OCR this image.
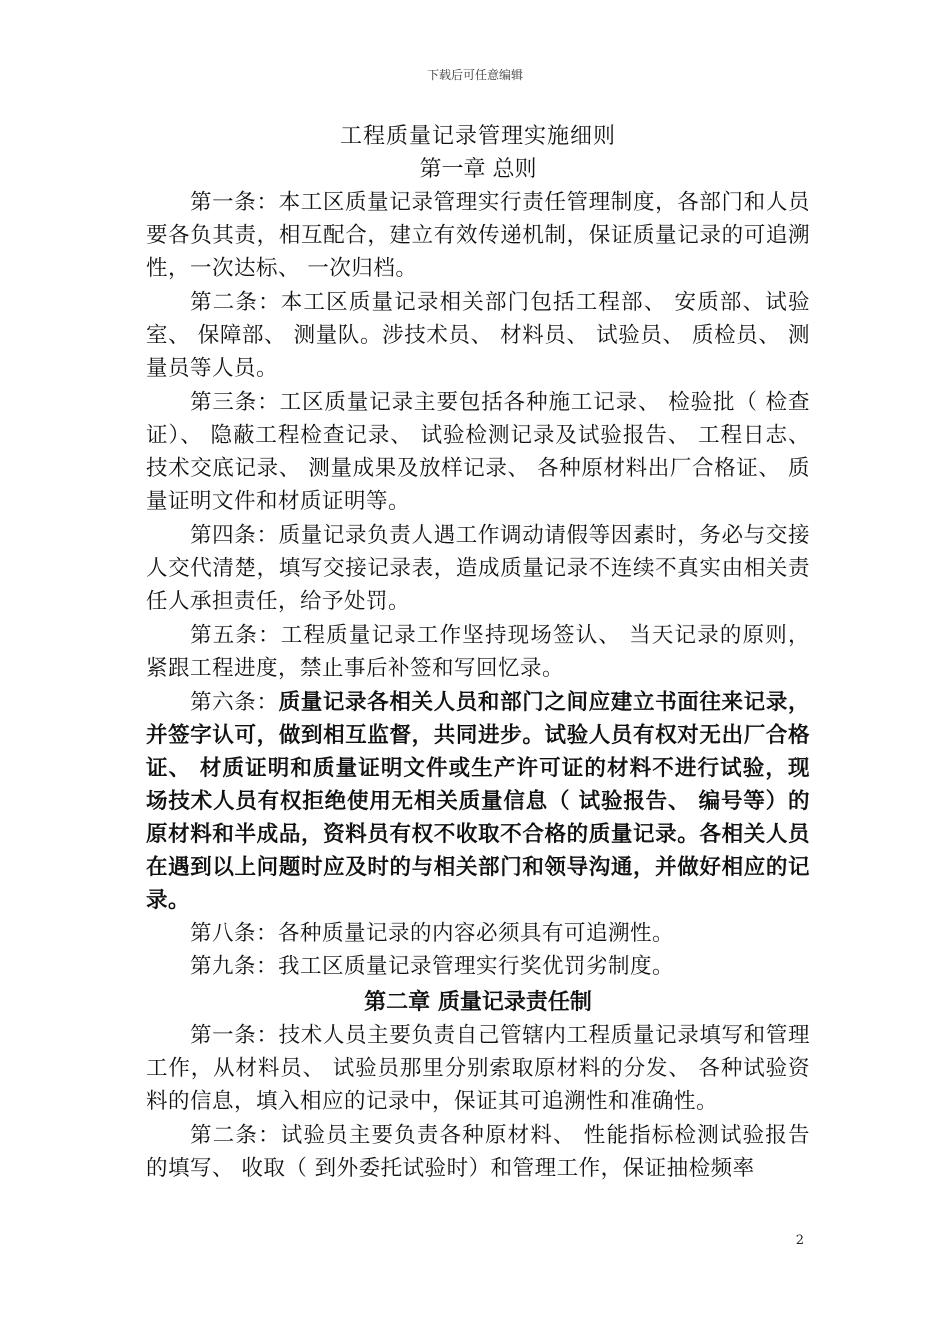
下载后可任意编辑
工程质量记录管理实施细则
第一章 总则

第一条：本工区质量记录管理实行责任管理制度，各部门和人员要各负其责，相互配合，建立有效传递机制，保证质量记录的可追溯性，一次达标、 一次归档。

第二条：本工区质量记录相关部门包括工程部、 安质部、试验室、 保障部、 测量队。涉技术员、 材料员、 试验员、 质检员、 测量员等人员。

第三条：工区质量记录主要包括各种施工记录、 检验批（ 检查证）、 隐蔽工程检查记录、 试验检测记录及试验报告、 工程日志、 技术交底记录、 测量成果及放样记录、 各种原材料出厂合格证、 质量证明文件和材质证明等。

第四条：质量记录负责人遇工作调动请假等因素时，务必与交接人交代清楚，填写交接记录表，造成质量记录不连续不真实由相关责任人承担责任，给予处罚。

第五条：工程质量记录工作坚持现场签认、 当天记录的原则， 紧跟工程进度，禁止事后补签和写回忆录。

第六条：质量记录各相关人员和部门之间应建立书面往来记录，并签字认可，做到相互监督，共同进步。试验人员有权对无出厂合格证、 材质证明和质量证明文件或生产许可证的材料不进行试验，现场技术人员有权拒绝使用无相关质量信息（ 试验报告、 编号等）的原材料和半成品，资料员有权不收取不合格的质量记录。各相关人员在遇到以上问题时应及时的与相关部门和领导沟通，并做好相应的记录。

第八条：各种质量记录的内容必须具有可追溯性。

第九条：我工区质量记录管理实行奖优罚劣制度。

第二章 质量记录责任制

第一条：技术人员主要负责自己管辖内工程质量记录填写和管理工作，从材料员、 试验员那里分别索取原材料的分发、 各种试验资料的信息，填入相应的记录中，保证其可追溯性和准确性。

第二条：试验员主要负责各种原材料、 性能指标检测试验报告的填写、 收取（ 到外委托试验时）和管理工作，保证抽检频率

2
